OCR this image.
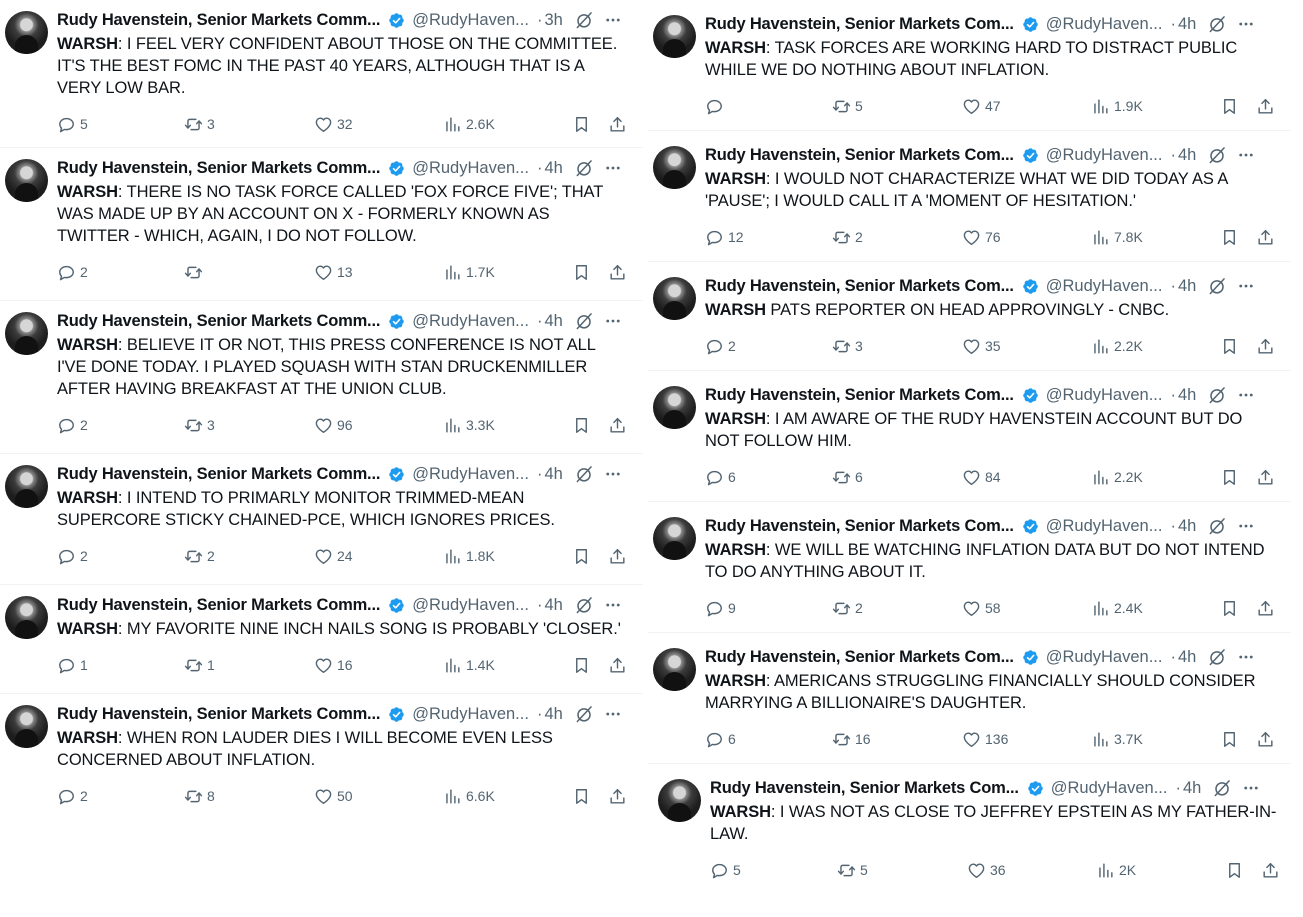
Rudy Havenstein, Senior Markets Comm... @RudyHaven... · 3h
WARSH: I FEEL VERY CONFIDENT ABOUT THOSE ON THE COMMITTEE. IT'S THE BEST FOMC IN THE PAST 40 YEARS, ALTHOUGH THAT IS A VERY LOW BAR.
5	3	32	2.6K
Rudy Havenstein, Senior Markets Comm... @RudyHaven... · 4h
WARSH: THERE IS NO TASK FORCE CALLED 'FOX FORCE FIVE'; THAT WAS MADE UP BY AN ACCOUNT ON X - FORMERLY KNOWN AS TWITTER - WHICH, AGAIN, I DO NOT FOLLOW.
2	13	1.7K
Rudy Havenstein, Senior Markets Comm... @RudyHaven... · 4h
WARSH: BELIEVE IT OR NOT, THIS PRESS CONFERENCE IS NOT ALL I'VE DONE TODAY. I PLAYED SQUASH WITH STAN DRUCKENMILLER AFTER HAVING BREAKFAST AT THE UNION CLUB.
2	3	96	3.3K
Rudy Havenstein, Senior Markets Comm... @RudyHaven... · 4h
WARSH: I INTEND TO PRIMARLY MONITOR TRIMMED-MEAN SUPERCORE STICKY CHAINED-PCE, WHICH IGNORES PRICES.
2	2	24	1.8K
Rudy Havenstein, Senior Markets Comm... @RudyHaven... · 4h
WARSH: MY FAVORITE NINE INCH NAILS SONG IS PROBABLY 'CLOSER.'
1	1	16	1.4K
Rudy Havenstein, Senior Markets Comm... @RudyHaven... · 4h
WARSH: WHEN RON LAUDER DIES I WILL BECOME EVEN LESS CONCERNED ABOUT INFLATION.
2	8	50	6.6K
Rudy Havenstein, Senior Markets Com... @RudyHaven... · 4h
WARSH: TASK FORCES ARE WORKING HARD TO DISTRACT PUBLIC WHILE WE DO NOTHING ABOUT INFLATION.
5	47	1.9K
Rudy Havenstein, Senior Markets Com... @RudyHaven... · 4h
WARSH: I WOULD NOT CHARACTERIZE WHAT WE DID TODAY AS A 'PAUSE'; I WOULD CALL IT A 'MOMENT OF HESITATION.'
12	2	76	7.8K
Rudy Havenstein, Senior Markets Com... @RudyHaven... · 4h
WARSH PATS REPORTER ON HEAD APPROVINGLY - CNBC.
2	3	35	2.2K
Rudy Havenstein, Senior Markets Com... @RudyHaven... · 4h
WARSH: I AM AWARE OF THE RUDY HAVENSTEIN ACCOUNT BUT DO NOT FOLLOW HIM.
6	6	84	2.2K
Rudy Havenstein, Senior Markets Com... @RudyHaven... · 4h
WARSH: WE WILL BE WATCHING INFLATION DATA BUT DO NOT INTEND TO DO ANYTHING ABOUT IT.
9	2	58	2.4K
Rudy Havenstein, Senior Markets Com... @RudyHaven... · 4h
WARSH: AMERICANS STRUGGLING FINANCIALLY SHOULD CONSIDER MARRYING A BILLIONAIRE'S DAUGHTER.
6	16	136	3.7K
Rudy Havenstein, Senior Markets Com... @RudyHaven... · 4h
WARSH: I WAS NOT AS CLOSE TO JEFFREY EPSTEIN AS MY FATHER-IN-LAW.
5	5	36	2K
